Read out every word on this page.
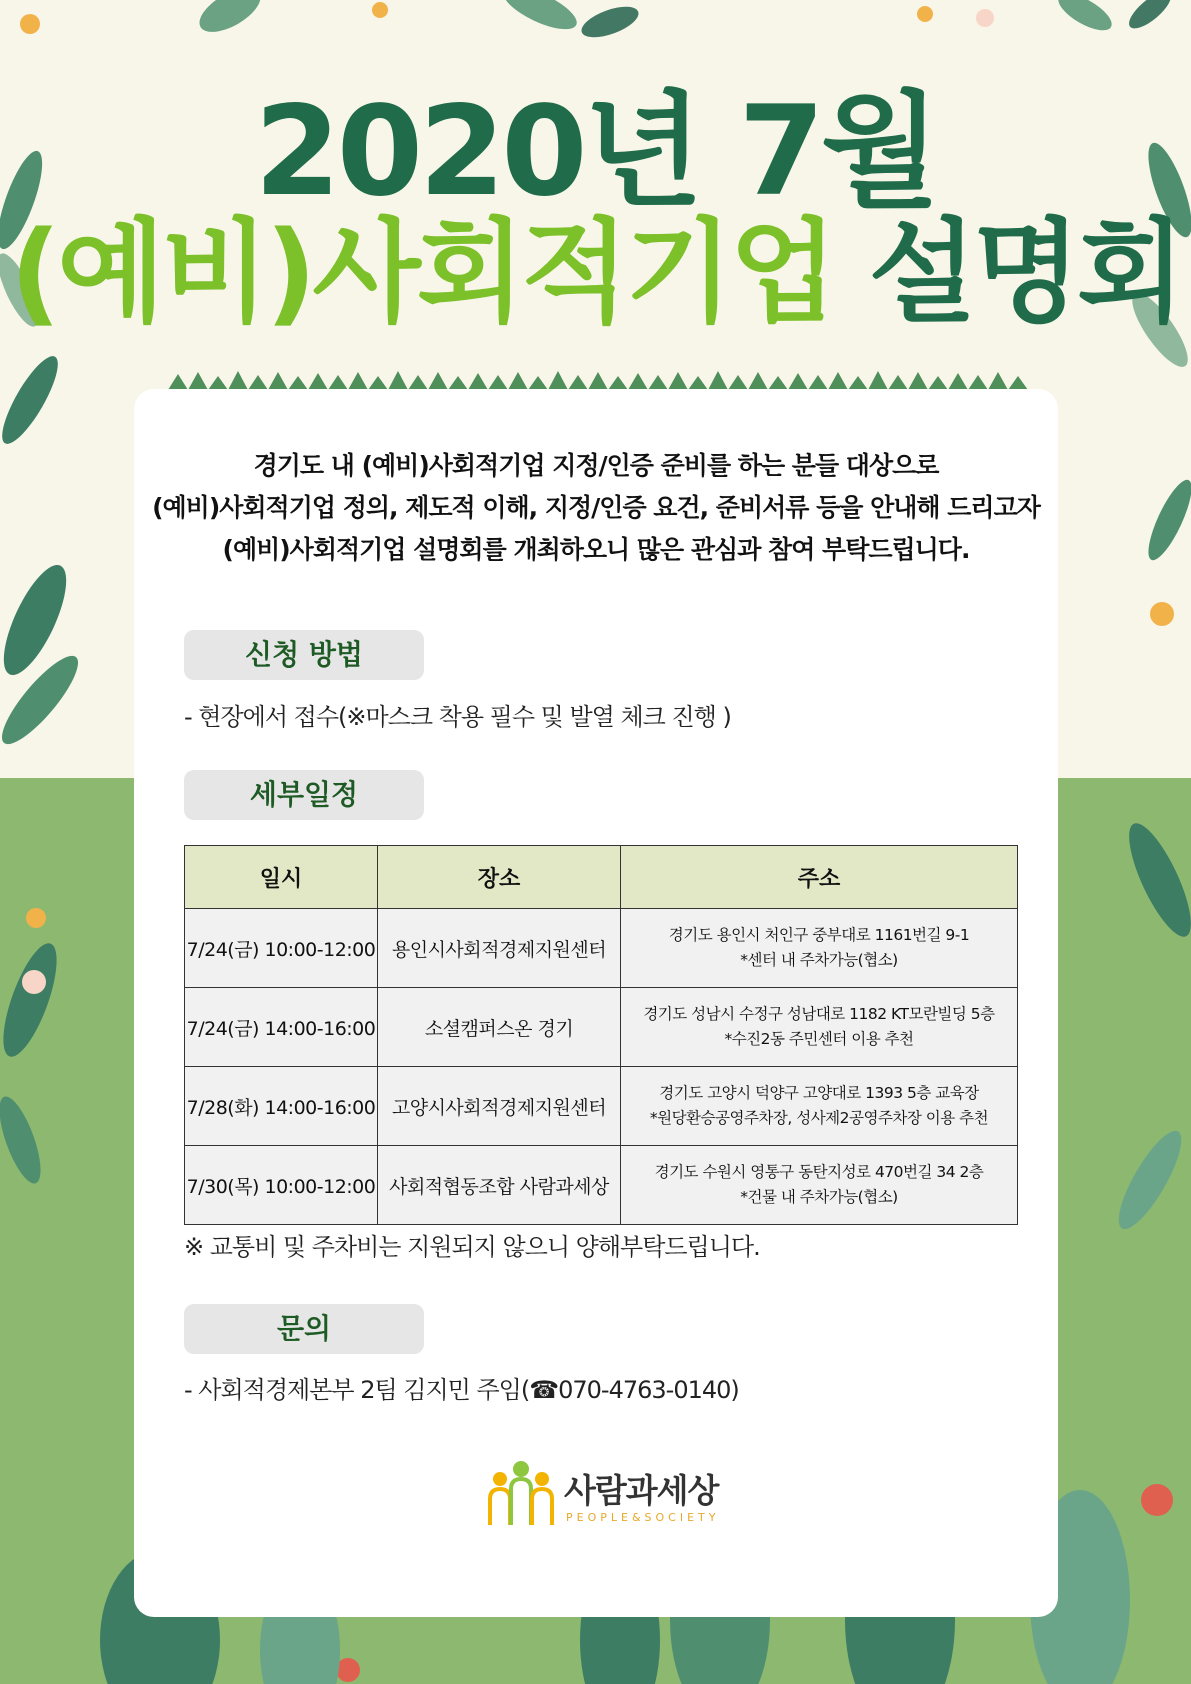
2020년 7월
(예비)사회적기업 설명회
경기도 내 (예비)사회적기업 지정/인증 준비를 하는 분들 대상으로
(예비)사회적기업 정의, 제도적 이해, 지정/인증 요건, 준비서류 등을 안내해 드리고자
(예비)사회적기업 설명회를 개최하오니 많은 관심과 참여 부탁드립니다.
신청 방법
- 현장에서 접수(※마스크 착용 필수 및 발열 체크 진행 )
세부일정
일시	장소	주소
7/24(금) 10:00-12:00	용인시사회적경제지원센터	경기도 용인시 처인구 중부대로 1161번길 9-1
*센터 내 주차가능(협소)

7/24(금) 14:00-16:00	소셜캠퍼스온 경기	경기도 성남시 수정구 성남대로 1182 KT모란빌딩 5층
*수진2동 주민센터 이용 추천

7/28(화) 14:00-16:00	고양시사회적경제지원센터	경기도 고양시 덕양구 고양대로 1393 5층 교육장
*원당환승공영주차장, 성사제2공영주차장 이용 추천

7/30(목) 10:00-12:00	사회적협동조합 사람과세상	경기도 수원시 영통구 동탄지성로 470번길 34 2층
*건물 내 주차가능(협소)
※ 교통비 및 주차비는 지원되지 않으니 양해부탁드립니다.
문의
- 사회적경제본부 2팀 김지민 주임(☎070-4763-0140)
사람과세상
PEOPLE&SOCIETY
